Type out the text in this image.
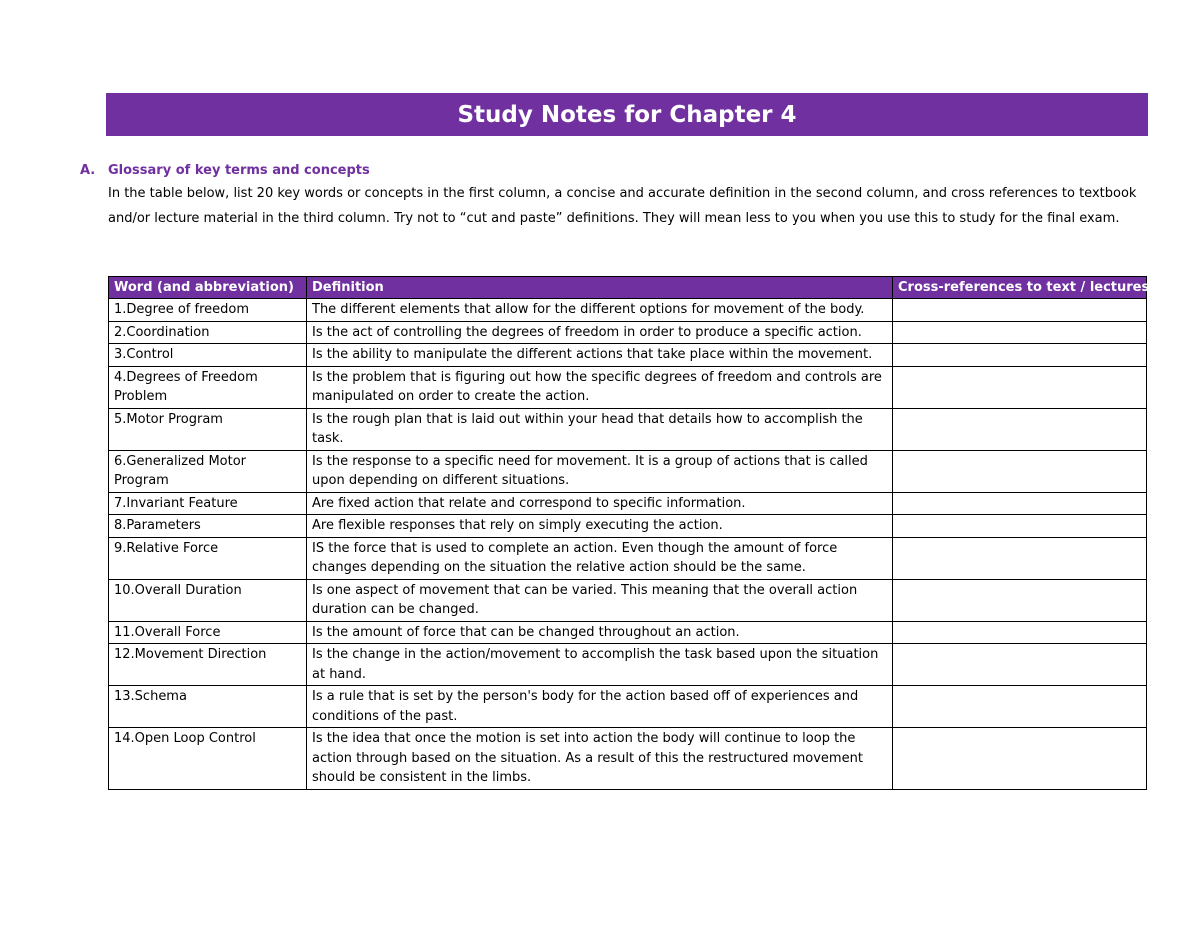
Study Notes for Chapter 4
A. Glossary of key terms and concepts
In the table below, list 20 key words or concepts in the first column, a concise and accurate definition in the second column, and cross references to textbook and/or lecture material in the third column. Try not to “cut and paste” definitions. They will mean less to you when you use this to study for the final exam.
Word (and abbreviation)	Definition	Cross-references to text / lectures
1.Degree of freedom	The different elements that allow for the different options for movement of the body.	
2.Coordination	Is the act of controlling the degrees of freedom in order to produce a specific action.	
3.Control	Is the ability to manipulate the different actions that take place within the movement.	
4.Degrees of Freedom Problem	Is the problem that is figuring out how the specific degrees of freedom and controls are manipulated on order to create the action.	
5.Motor Program	Is the rough plan that is laid out within your head that details how to accomplish the task.	
6.Generalized Motor Program	Is the response to a specific need for movement. It is a group of actions that is called upon depending on different situations.	
7.Invariant Feature	Are fixed action that relate and correspond to specific information.	
8.Parameters	Are flexible responses that rely on simply executing the action.	
9.Relative Force	IS the force that is used to complete an action. Even though the amount of force changes depending on the situation the relative action should be the same.	
10.Overall Duration	Is one aspect of movement that can be varied. This meaning that the overall action duration can be changed.	
11.Overall Force	Is the amount of force that can be changed throughout an action.	
12.Movement Direction	Is the change in the action/movement to accomplish the task based upon the situation at hand.	
13.Schema	Is a rule that is set by the person's body for the action based off of experiences and conditions of the past.	
14.Open Loop Control	Is the idea that once the motion is set into action the body will continue to loop the action through based on the situation. As a result of this the restructured movement should be consistent in the limbs.	
